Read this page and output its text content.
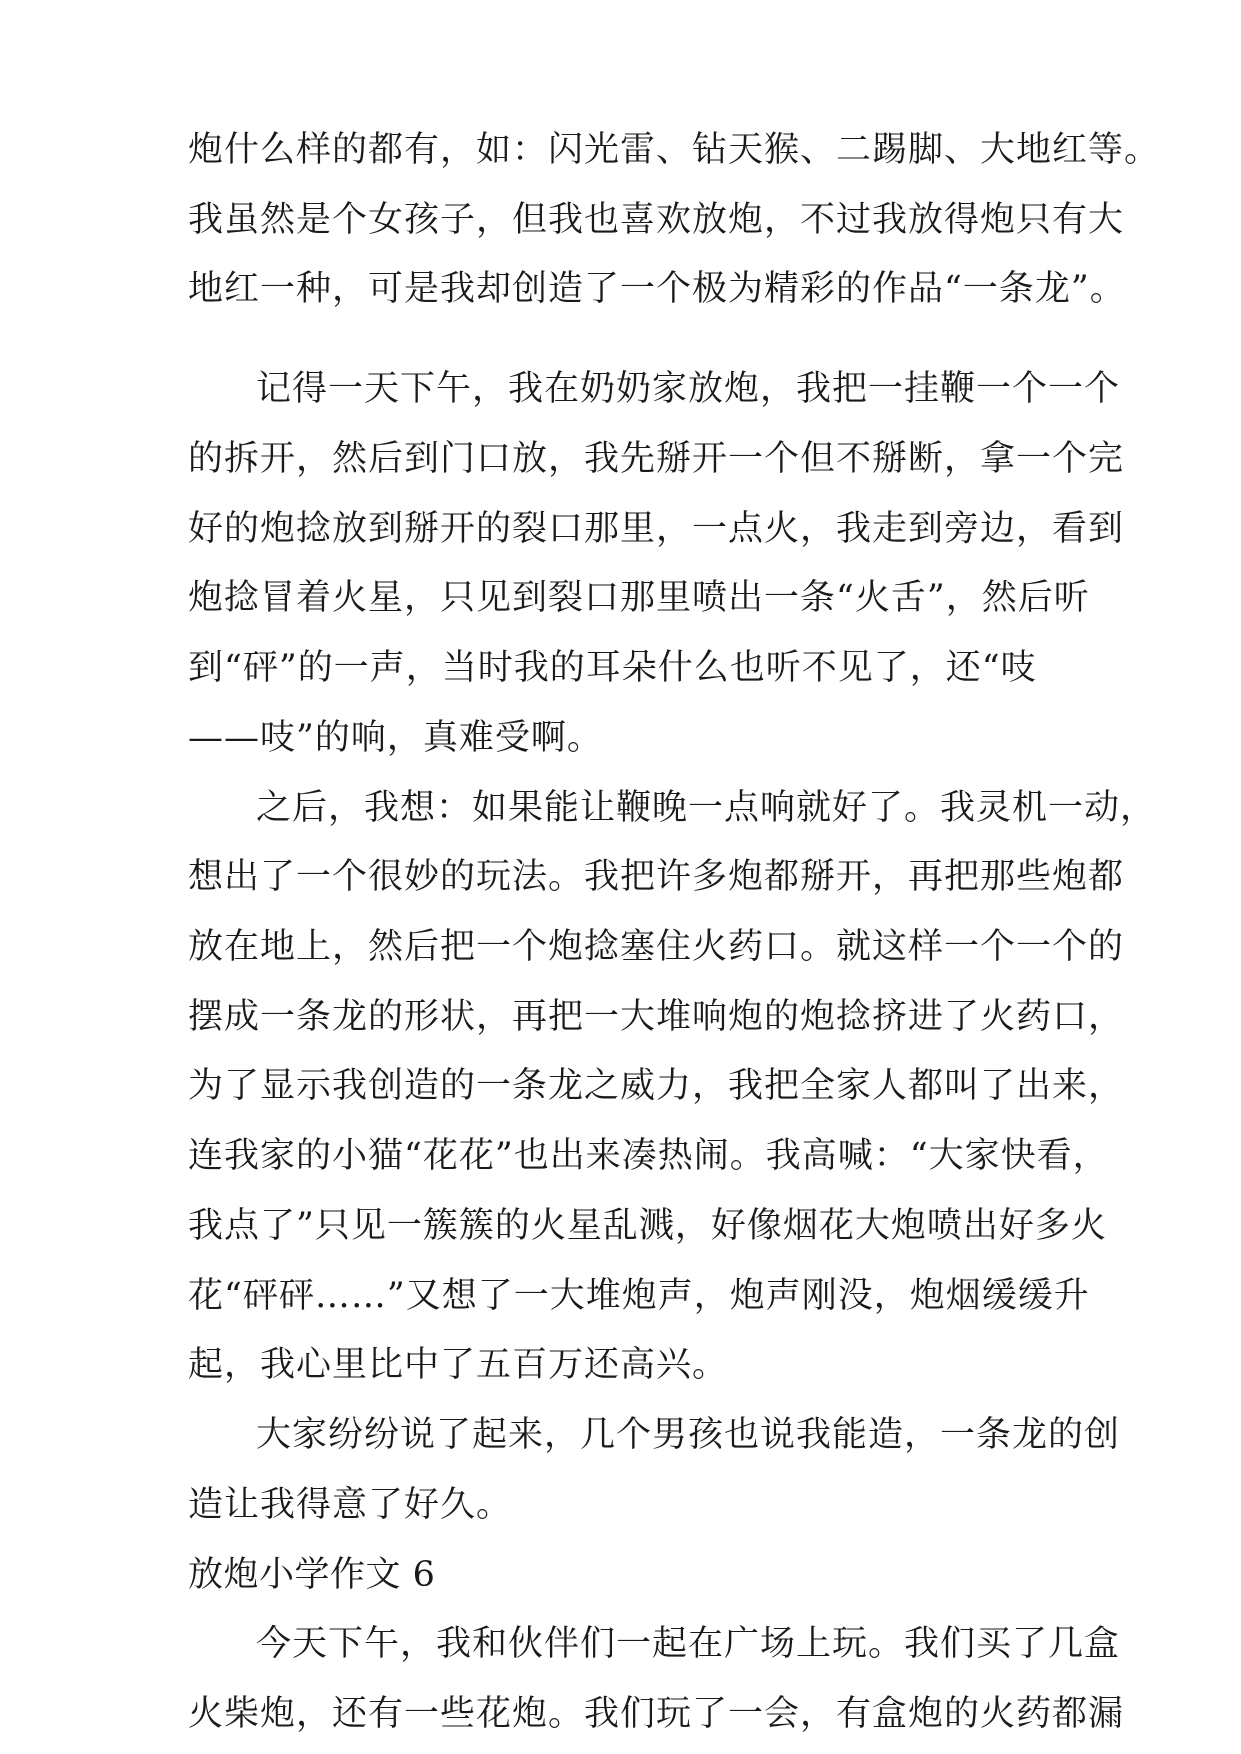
炮什么样的都有，如：闪光雷、钻天猴、二踢脚、大地红等。
我虽然是个女孩子，但我也喜欢放炮，不过我放得炮只有大
地红一种，可是我却创造了一个极为精彩的作品“一条龙”。
记得一天下午，我在奶奶家放炮，我把一挂鞭一个一个
的拆开，然后到门口放，我先掰开一个但不掰断，拿一个完
好的炮捻放到掰开的裂口那里，一点火，我走到旁边，看到
炮捻冒着火星，只见到裂口那里喷出一条“火舌”，然后听
到“砰”的一声，当时我的耳朵什么也听不见了，还“吱
——吱”的响，真难受啊。
之后，我想：如果能让鞭晚一点响就好了。我灵机一动，
想出了一个很妙的玩法。我把许多炮都掰开，再把那些炮都
放在地上，然后把一个炮捻塞住火药口。就这样一个一个的
摆成一条龙的形状，再把一大堆响炮的炮捻挤进了火药口，
为了显示我创造的一条龙之威力，我把全家人都叫了出来，
连我家的小猫“花花”也出来凑热闹。我高喊：“大家快看，
我点了”只见一簇簇的火星乱溅，好像烟花大炮喷出好多火
花“砰砰……”又想了一大堆炮声，炮声刚没，炮烟缓缓升
起，我心里比中了五百万还高兴。
大家纷纷说了起来，几个男孩也说我能造，一条龙的创
造让我得意了好久。
放炮小学作文 6
今天下午，我和伙伴们一起在广场上玩。我们买了几盒
火柴炮，还有一些花炮。我们玩了一会，有盒炮的火药都漏
